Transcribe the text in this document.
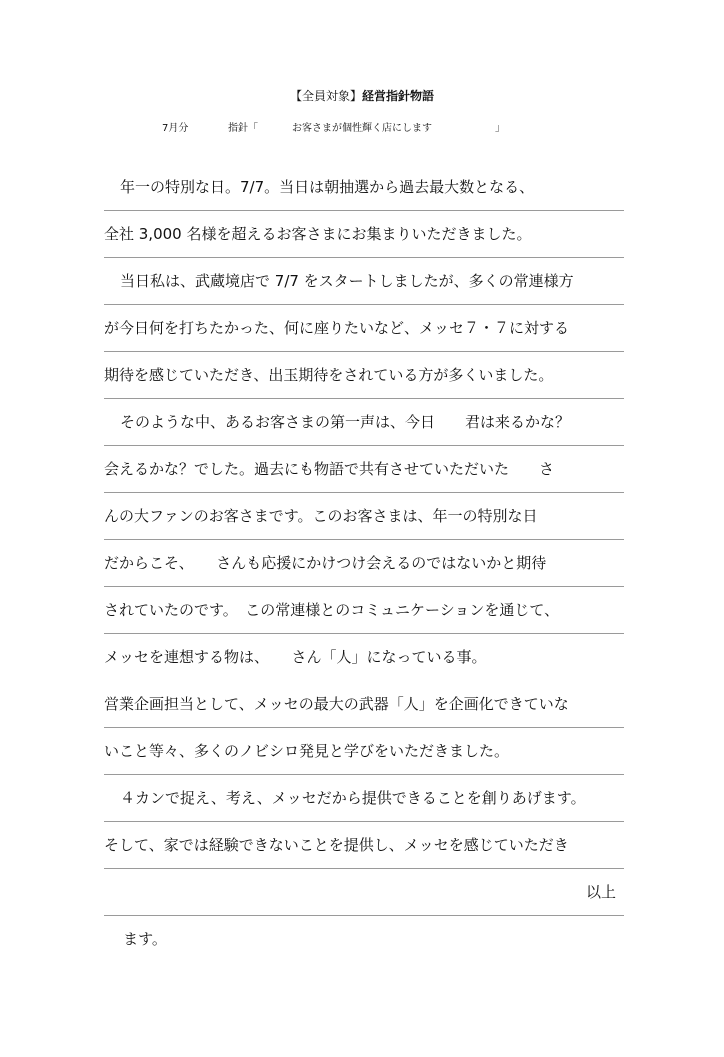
【全員対象】経営指針物語
7月分	指針「	お客さまが個性輝く店にします	」
年一の特別な日。7/7。当日は朝抽選から過去最大数となる、
全社 3,000 名様を超えるお客さまにお集まりいただきました。
当日私は、武蔵境店で 7/7 をスタートしましたが、多くの常連様方
が今日何を打ちたかった、何に座りたいなど、メッセ７・７に対する
期待を感じていただき、出玉期待をされている方が多くいました。
そのような中、あるお客さまの第一声は、今日　　君は来るかな？
会えるかな？でした。過去にも物語で共有させていただいた　　さ
んの大ファンのお客さまです。このお客さまは、年一の特別な日
だからこそ、　　さんも応援にかけつけ会えるのではないかと期待
されていたのです。　この常連様とのコミュニケーションを通じて、
メッセを連想する物は、　　さん「人」になっている事。
営業企画担当として、メッセの最大の武器「人」を企画化できていな
いこと等々、多くのノビシロ発見と学びをいただきました。
４カンで捉え、考え、メッセだから提供できることを創りあげます。
そして、家では経験できないことを提供し、メッセを感じていただき

ます。

以上
